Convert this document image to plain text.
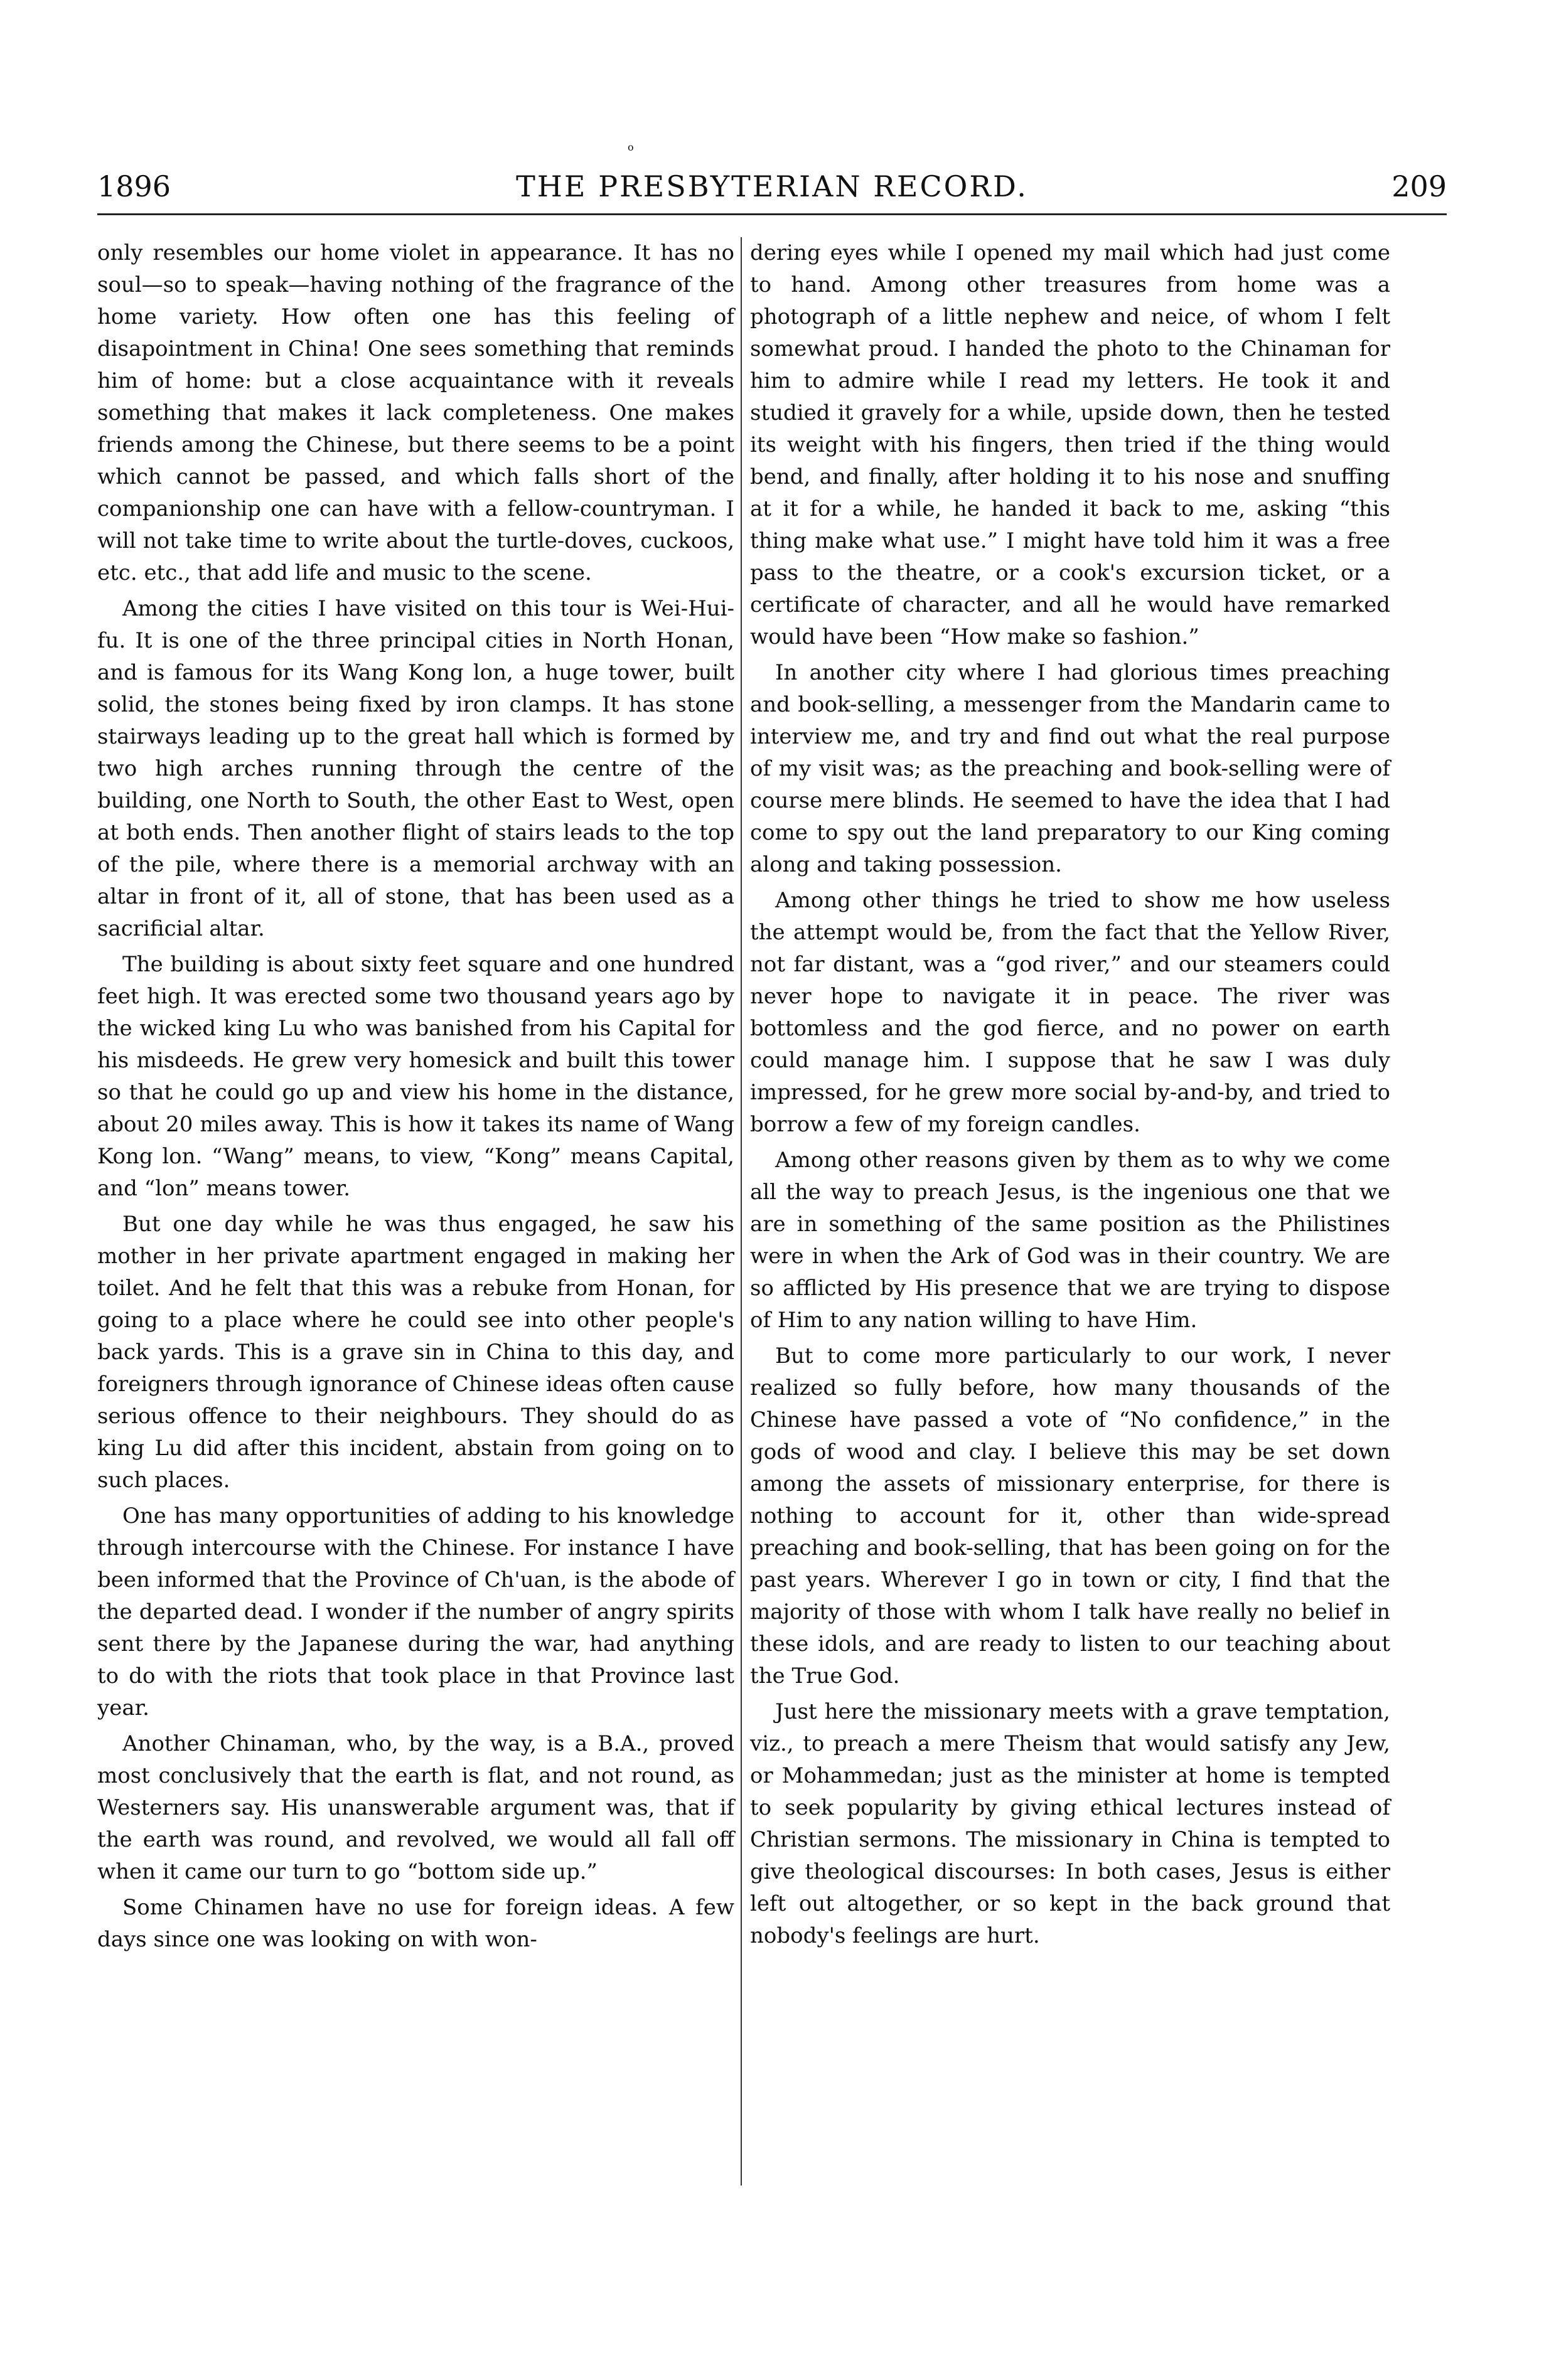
o
1896	THE PRESBYTERIAN RECORD.	209

only resembles our home violet in appearance. It has no soul—so to speak—having nothing of the fragrance of the home variety. How often one has this feeling of disapointment in China! One sees something that reminds him of home: but a close acquaintance with it reveals something that makes it lack completeness. One makes friends among the Chinese, but there seems to be a point which cannot be passed, and which falls short of the companionship one can have with a fellow-countryman. I will not take time to write about the turtle-doves, cuckoos, etc. etc., that add life and music to the scene.

Among the cities I have visited on this tour is Wei-Hui-fu. It is one of the three principal cities in North Honan, and is famous for its Wang Kong lon, a huge tower, built solid, the stones being fixed by iron clamps. It has stone stairways leading up to the great hall which is formed by two high arches running through the centre of the building, one North to South, the other East to West, open at both ends. Then another flight of stairs leads to the top of the pile, where there is a memorial archway with an altar in front of it, all of stone, that has been used as a sacrificial altar.

The building is about sixty feet square and one hundred feet high. It was erected some two thousand years ago by the wicked king Lu who was banished from his Capital for his misdeeds. He grew very homesick and built this tower so that he could go up and view his home in the distance, about 20 miles away. This is how it takes its name of Wang Kong lon. “Wang” means, to view, “Kong” means Capital, and “lon” means tower.

But one day while he was thus engaged, he saw his mother in her private apartment engaged in making her toilet. And he felt that this was a rebuke from Honan, for going to a place where he could see into other people's back yards. This is a grave sin in China to this day, and foreigners through ignorance of Chinese ideas often cause serious offence to their neighbours. They should do as king Lu did after this incident, abstain from going on to such places.

One has many opportunities of adding to his knowledge through intercourse with the Chinese. For instance I have been informed that the Province of Ch'uan, is the abode of the departed dead. I wonder if the number of angry spirits sent there by the Japanese during the war, had anything to do with the riots that took place in that Province last year.

Another Chinaman, who, by the way, is a B.A., proved most conclusively that the earth is flat, and not round, as Westerners say. His unanswerable argument was, that if the earth was round, and revolved, we would all fall off when it came our turn to go “bottom side up.”

Some Chinamen have no use for foreign ideas. A few days since one was looking on with won-

dering eyes while I opened my mail which had just come to hand. Among other treasures from home was a photograph of a little nephew and neice, of whom I felt somewhat proud. I handed the photo to the Chinaman for him to admire while I read my letters. He took it and studied it gravely for a while, upside down, then he tested its weight with his fingers, then tried if the thing would bend, and finally, after holding it to his nose and snuffing at it for a while, he handed it back to me, asking “this thing make what use.” I might have told him it was a free pass to the theatre, or a cook's excursion ticket, or a certificate of character, and all he would have remarked would have been “How make so fashion.”

In another city where I had glorious times preaching and book-selling, a messenger from the Mandarin came to interview me, and try and find out what the real purpose of my visit was; as the preaching and book-selling were of course mere blinds. He seemed to have the idea that I had come to spy out the land preparatory to our King coming along and taking possession.

Among other things he tried to show me how useless the attempt would be, from the fact that the Yellow River, not far distant, was a “god river,” and our steamers could never hope to navigate it in peace. The river was bottomless and the god fierce, and no power on earth could manage him. I suppose that he saw I was duly impressed, for he grew more social by-and-by, and tried to borrow a few of my foreign candles.

Among other reasons given by them as to why we come all the way to preach Jesus, is the ingenious one that we are in something of the same position as the Philistines were in when the Ark of God was in their country. We are so afflicted by His presence that we are trying to dispose of Him to any nation willing to have Him.

But to come more particularly to our work, I never realized so fully before, how many thousands of the Chinese have passed a vote of “No confidence,” in the gods of wood and clay. I believe this may be set down among the assets of missionary enterprise, for there is nothing to account for it, other than wide-spread preaching and book-selling, that has been going on for the past years. Wherever I go in town or city, I find that the majority of those with whom I talk have really no belief in these idols, and are ready to listen to our teaching about the True God.

Just here the missionary meets with a grave temptation, viz., to preach a mere Theism that would satisfy any Jew, or Mohammedan; just as the minister at home is tempted to seek popularity by giving ethical lectures instead of Christian sermons. The missionary in China is tempted to give theological discourses: In both cases, Jesus is either left out altogether, or so kept in the back ground that nobody's feelings are hurt.
